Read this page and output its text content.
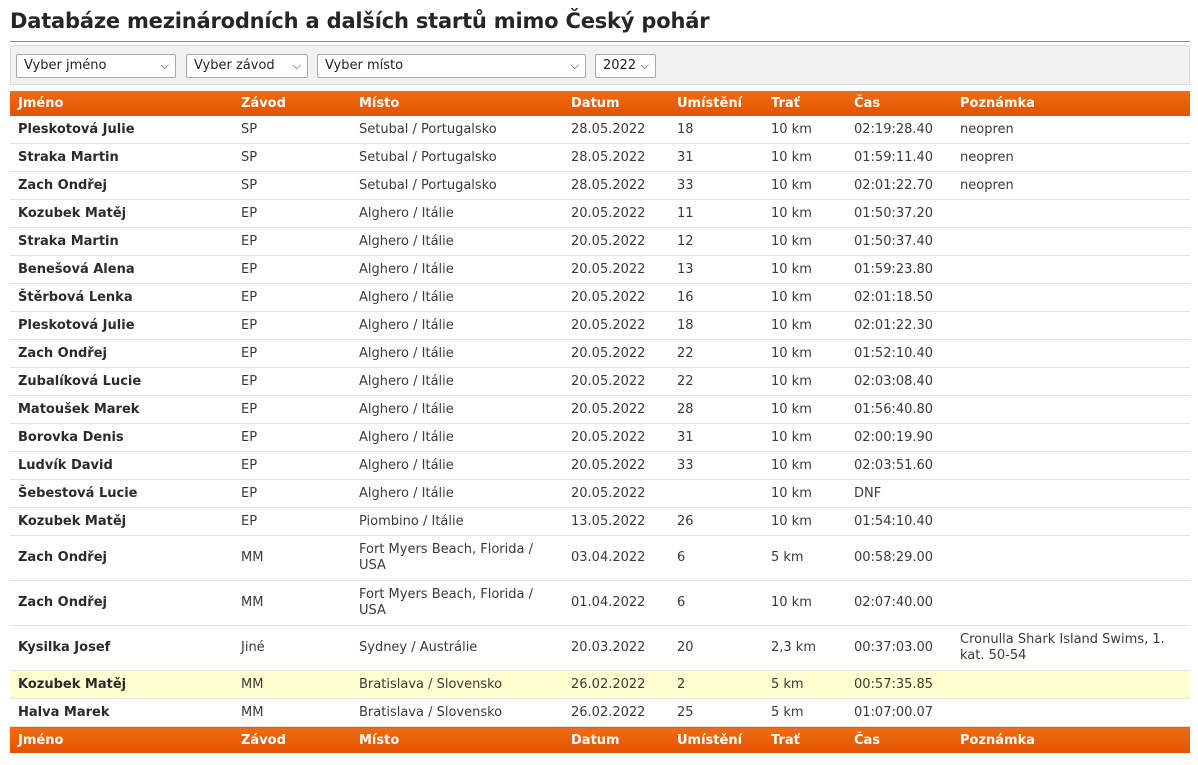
Databáze mezinárodních a dalších startů mimo Český pohár
Vyber jméno	⌵	Vyber závod ⌵	Vyber místo	⌵	2022 ⌵
Jméno	Závod	Místo	Datum	Umístění	Trať	Čas	Poznámka
Pleskotová Julie	SP	Setubal / Portugalsko	28.05.2022	18	10 km	02:19:28.40	neopren
Straka Martin	SP	Setubal / Portugalsko	28.05.2022	31	10 km	01:59:11.40	neopren
Zach Ondřej	SP	Setubal / Portugalsko	28.05.2022	33	10 km	02:01:22.70	neopren
Kozubek Matěj	EP	Alghero / Itálie	20.05.2022	11	10 km	01:50:37.20	
Straka Martin	EP	Alghero / Itálie	20.05.2022	12	10 km	01:50:37.40	
Benešová Alena	EP	Alghero / Itálie	20.05.2022	13	10 km	01:59:23.80	
Štěrbová Lenka	EP	Alghero / Itálie	20.05.2022	16	10 km	02:01:18.50	
Pleskotová Julie	EP	Alghero / Itálie	20.05.2022	18	10 km	02:01:22.30	
Zach Ondřej	EP	Alghero / Itálie	20.05.2022	22	10 km	01:52:10.40	
Zubalíková Lucie	EP	Alghero / Itálie	20.05.2022	22	10 km	02:03:08.40	
Matoušek Marek	EP	Alghero / Itálie	20.05.2022	28	10 km	01:56:40.80	
Borovka Denis	EP	Alghero / Itálie	20.05.2022	31	10 km	02:00:19.90	
Ludvík David	EP	Alghero / Itálie	20.05.2022	33	10 km	02:03:51.60	
Šebestová Lucie	EP	Alghero / Itálie	20.05.2022		10 km	DNF	
Kozubek Matěj	EP	Piombino / Itálie	13.05.2022	26	10 km	01:54:10.40	
Zach Ondřej	MM	Fort Myers Beach, Florida / USA	03.04.2022	6	5 km	00:58:29.00	
Zach Ondřej	MM	Fort Myers Beach, Florida / USA	01.04.2022	6	10 km	02:07:40.00	
Kysilka Josef	Jiné	Sydney / Austrálie	20.03.2022	20	2,3 km	00:37:03.00	Cronulla Shark Island Swims, 1. kat. 50-54
Kozubek Matěj	MM	Bratislava / Slovensko	26.02.2022	2	5 km	00:57:35.85	
Halva Marek	MM	Bratislava / Slovensko	26.02.2022	25	5 km	01:07:00.07	
Jméno	Závod	Místo	Datum	Umístění	Trať	Čas	Poznámka
